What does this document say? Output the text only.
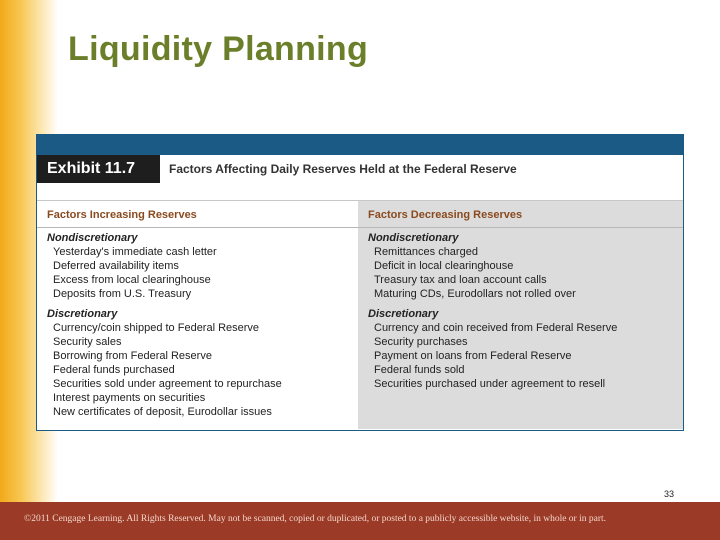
Liquidity Planning
Exhibit 11.7	Factors Affecting Daily Reserves Held at the Federal Reserve
Factors Increasing Reserves
Nondiscretionary
Yesterday's immediate cash letter
Deferred availability items
Excess from local clearinghouse
Deposits from U.S. Treasury
Discretionary
Currency/coin shipped to Federal Reserve
Security sales
Borrowing from Federal Reserve
Federal funds purchased
Securities sold under agreement to repurchase
Interest payments on securities
New certificates of deposit, Eurodollar issues
Factors Decreasing Reserves
Nondiscretionary
Remittances charged
Deficit in local clearinghouse
Treasury tax and loan account calls
Maturing CDs, Eurodollars not rolled over
Discretionary
Currency and coin received from Federal Reserve
Security purchases
Payment on loans from Federal Reserve
Federal funds sold
Securities purchased under agreement to resell
33
©2011 Cengage Learning. All Rights Reserved. May not be scanned, copied or duplicated, or posted to a publicly accessible website, in whole or in part.
